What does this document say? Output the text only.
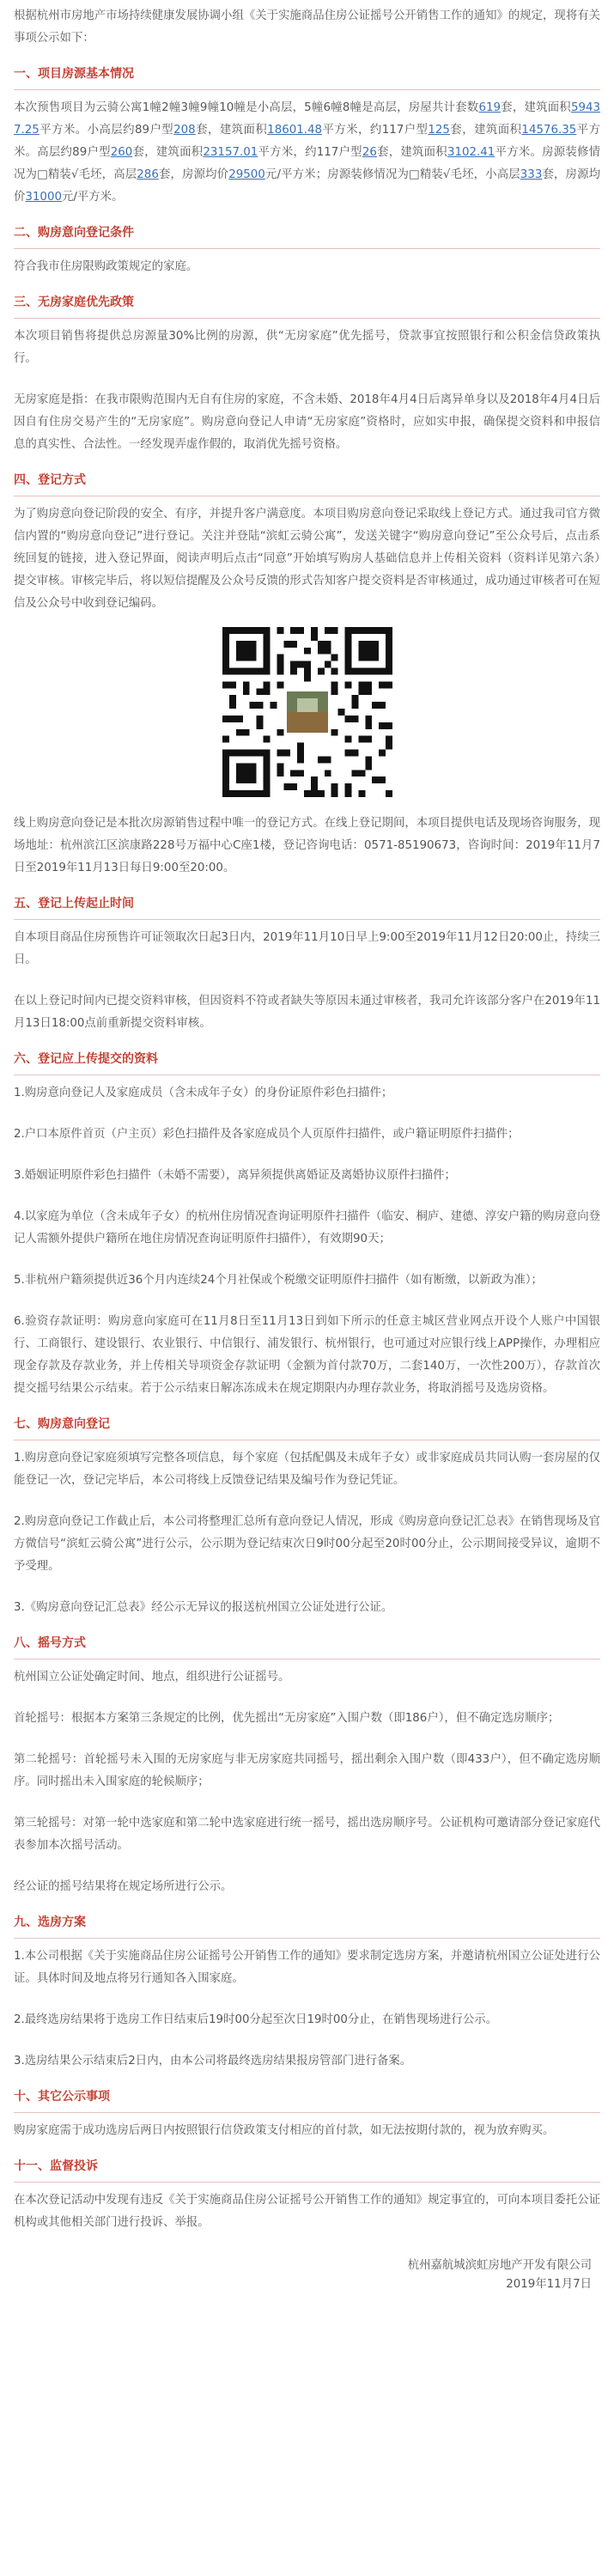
根据杭州市房地产市场持续健康发展协调小组《关于实施商品住房公证摇号公开销售工作的通知》的规定，现将有关事项公示如下：

一、项目房源基本情况

本次预售项目为云骑公寓1幢2幢3幢9幢10幢是小高层，5幢6幢8幢是高层，房屋共计套数619套，建筑面积59437.25平方米。小高层约89户型208套，建筑面积18601.48平方米，约117户型125套，建筑面积14576.35平方米。高层约89户型260套，建筑面积23157.01平方米，约117户型26套，建筑面积3102.41平方米。房源装修情况为□精装√毛坯，高层286套，房源均价29500元/平方米；房源装修情况为□精装√毛坯，小高层333套，房源均价31000元/平方米。

二、购房意向登记条件

符合我市住房限购政策规定的家庭。

三、无房家庭优先政策

本次项目销售将提供总房源量30%比例的房源，供“无房家庭”优先摇号，贷款事宜按照银行和公积金信贷政策执行。

无房家庭是指：在我市限购范围内无自有住房的家庭，不含未婚、2018年4月4日后离异单身以及2018年4月4日后因自有住房交易产生的“无房家庭”。购房意向登记人申请“无房家庭”资格时，应如实申报，确保提交资料和申报信息的真实性、合法性。一经发现弄虚作假的，取消优先摇号资格。

四、登记方式

为了购房意向登记阶段的安全、有序，并提升客户满意度。本项目购房意向登记采取线上登记方式。通过我司官方微信内置的“购房意向登记”进行登记。关注并登陆“滨虹云骑公寓”，发送关键字“购房意向登记”至公众号后，点击系统回复的链接，进入登记界面，阅读声明后点击“同意”开始填写购房人基础信息并上传相关资料（资料详见第六条）提交审核。审核完毕后，将以短信提醒及公众号反馈的形式告知客户提交资料是否审核通过，成功通过审核者可在短信及公众号中收到登记编码。

线上购房意向登记是本批次房源销售过程中唯一的登记方式。在线上登记期间，本项目提供电话及现场咨询服务，现场地址：杭州滨江区滨康路228号万福中心C座1楼，登记咨询电话：0571-85190673，咨询时间：2019年11月7日至2019年11月13日每日9:00至20:00。

五、登记上传起止时间

自本项目商品住房预售许可证领取次日起3日内，2019年11月10日早上9:00至2019年11月12日20:00止，持续三日。

在以上登记时间内已提交资料审核，但因资料不符或者缺失等原因未通过审核者，我司允许该部分客户在2019年11月13日18:00点前重新提交资料审核。

六、登记应上传提交的资料

1.购房意向登记人及家庭成员（含未成年子女）的身份证原件彩色扫描件；

2.户口本原件首页（户主页）彩色扫描件及各家庭成员个人页原件扫描件，或户籍证明原件扫描件；

3.婚姻证明原件彩色扫描件（未婚不需要），离异须提供离婚证及离婚协议原件扫描件；

4.以家庭为单位（含未成年子女）的杭州住房情况查询证明原件扫描件（临安、桐庐、建德、淳安户籍的购房意向登记人需额外提供户籍所在地住房情况查询证明原件扫描件），有效期90天；

5.非杭州户籍须提供近36个月内连续24个月社保或个税缴交证明原件扫描件（如有断缴，以新政为准）；

6.验资存款证明：购房意向家庭可在11月8日至11月13日到如下所示的任意主城区营业网点开设个人账户中国银行、工商银行、建设银行、农业银行、中信银行、浦发银行、杭州银行，也可通过对应银行线上APP操作，办理相应现金存款及存款业务，并上传相关导项资金存款证明（金额为首付款70万，二套140万，一次性200万），存款首次提交摇号结果公示结束。若于公示结束日解冻冻成未在规定期限内办理存款业务，将取消摇号及选房资格。

七、购房意向登记

1.购房意向登记家庭须填写完整各项信息，每个家庭（包括配偶及未成年子女）或非家庭成员共同认购一套房屋的仅能登记一次，登记完毕后，本公司将线上反馈登记结果及编号作为登记凭证。

2.购房意向登记工作截止后，本公司将整理汇总所有意向登记人情况，形成《购房意向登记汇总表》在销售现场及官方微信号“滨虹云骑公寓”进行公示，公示期为登记结束次日9时00分起至20时00分止，公示期间接受异议，逾期不予受理。

3.《购房意向登记汇总表》经公示无异议的报送杭州国立公证处进行公证。

八、摇号方式

杭州国立公证处确定时间、地点，组织进行公证摇号。

首轮摇号：根据本方案第三条规定的比例，优先摇出“无房家庭”入围户数（即186户），但不确定选房顺序；

第二轮摇号：首轮摇号未入围的无房家庭与非无房家庭共同摇号，摇出剩余入围户数（即433户），但不确定选房顺序。同时摇出未入围家庭的轮候顺序；

第三轮摇号：对第一轮中选家庭和第二轮中选家庭进行统一摇号，摇出选房顺序号。公证机构可邀请部分登记家庭代表参加本次摇号活动。

经公证的摇号结果将在规定场所进行公示。

九、选房方案

1.本公司根据《关于实施商品住房公证摇号公开销售工作的通知》要求制定选房方案，并邀请杭州国立公证处进行公证。具体时间及地点将另行通知各入围家庭。

2.最终选房结果将于选房工作日结束后19时00分起至次日19时00分止，在销售现场进行公示。

3.选房结果公示结束后2日内，由本公司将最终选房结果报房管部门进行备案。

十、其它公示事项

购房家庭需于成功选房后两日内按照银行信贷政策支付相应的首付款，如无法按期付款的，视为放弃购买。

十一、监督投诉

在本次登记活动中发现有违反《关于实施商品住房公证摇号公开销售工作的通知》规定事宜的，可向本项目委托公证机构或其他相关部门进行投诉、举报。

杭州嘉航城滨虹房地产开发有限公司
2019年11月7日
